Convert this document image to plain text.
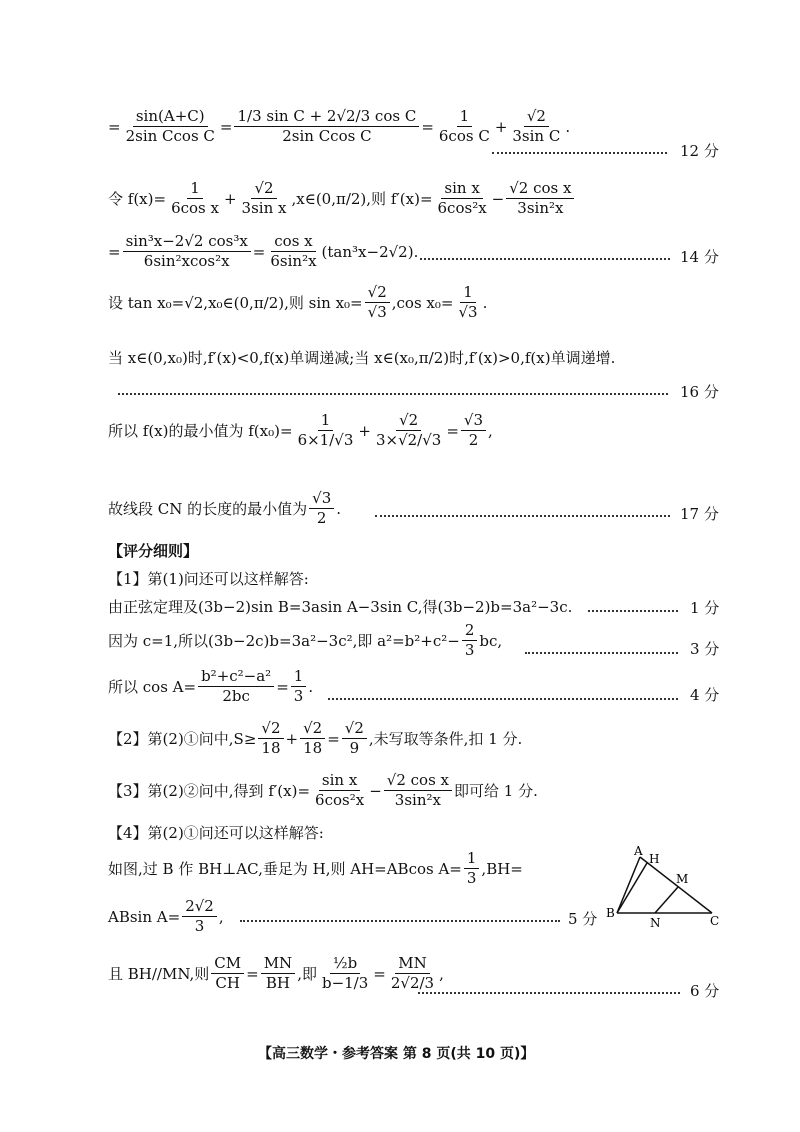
= $\frac{\sin(A+C)}{\text{2sin Ccos C}} = \frac{\text{1/3 sin C + 2√2/3 cos C}}{\text{2sin Ccos C}} = \frac{1}{\text{6cos C}} + \frac{√2}{\text{3sin C}}$ .
12 分
令 $f(x)= \frac{1}{\text{6cos x}} + \frac{√2}{\text{3sin x}}$ ,x∈(0,π/2),则 $f'(x)= \frac{\text{sin x}}{\text{6cos²x}} - \frac{\text{√2 cos x}}{\text{3sin²x}}$
= $\frac{\text{sin³x−2√2 cos³x}}{\text{6sin²xcos²x}} = \frac{\text{cos x}}{\text{6sin²x}} (\tan^3x-2√2)$.	14 分
设 tan x₀=√2,x₀∈(0,π/2),则 $\sin x_0= \frac{√2}{√3} ,\cos$ $x_0= \frac{1}{√3}$ .
当 x∈(0,x₀)时,f′(x)<0,f(x)单调递减;当 x∈(x₀,π/2)时,f′(x)>0,f(x)单调递增.
16 分
所以 f(x)的最小值为 $f(x_0)= \frac{1}{6\times 1/√3} + \frac{√2}{3\times√2/√3} = \frac{√3}{2}$ ,
故线段 CN 的长度的最小值为 $\frac{√3}{2}$ .	17 分
【评分细则】
【1】第(1)问还可以这样解答:
由正弦定理及(3b−2)sin B=3asin A−3sin C,得(3b−2)b=3a²−3c.	1 分
因为 c=1,所以(3b−2c)b=3a²−3c²,即 $a^2=b^2+c^2- \frac{2}{3}$ bc,	3 分
所以 $\cos A= \frac{\text{b²+c²−a²}}{2bc} = \frac{1}{3}$ .	4 分
【2】第(2)①问中$,S\ge \frac{√2}{18} + \frac{√2}{18} = \frac{√2}{9}$ ,未写取等条件,扣 1 分.
【3】第(2)②问中,得到 $f'(x)= \frac{\text{sin x}}{\text{6cos²x}} - \frac{\text{√2 cos x}}{\text{3sin²x}}$ 即可给 1 分.
【4】第(2)①问还可以这样解答:
如图,过 B 作 BH⊥AC,垂足为 H,则 AH=ABcos $A= \frac{1}{3} ,BH=$
ABsin $A= \frac{2√2}{3}$ ,	5 分
A
H
M
B
N	C
且 BH//MN,则 $\frac{CM}{CH} = \frac{MN}{BH}$ ,即 $\frac{\text{½b}}{b-1/3} = \frac{MN}{2√2/3}$ ,
6 分
【高三数学・参考答案 第 8 页(共 10 页)】
